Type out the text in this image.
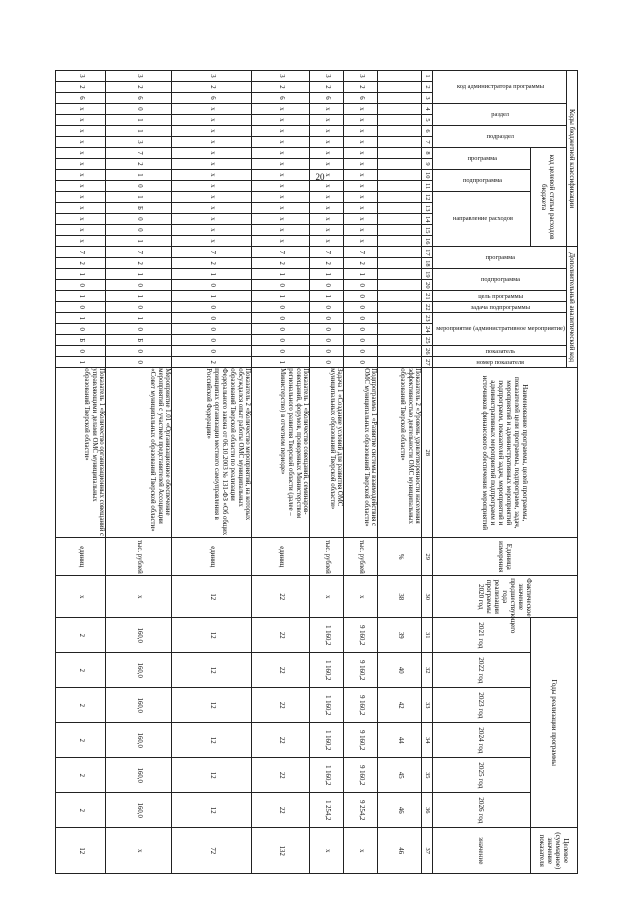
20	Коды бюджетной классификации																Дополнительный аналитический код											Наименование программы, целей программы, показателей цели программы, подпрограмм, задач, мероприятий и административных мероприятий подпрограмм, показателей задач, мероприятий и административных мероприятий подпрограмм и источников финансового обеспечения мероприятий	Единица измерения	Фактическое значение предшествующего года реализации программы 2020 год	Годы реализации программы						Целевое (суммарное) значение показателя
код администратора программы			раздел		подраздел		код целевой статьи расходов бюджета									программа		подпрограмма		цель программы	задача подпрограммы	мероприятие (административное мероприятие)			показатель	номер показателя										
							программа		подпрограмма		направление расходов																			2021 год	2022 год	2023 год	2024 год	2025 год	2026 год	значение
1	2	3	4	5	6	7	8	9	10	11	12	13	14	15	16	17	18	19	20	21	22	23	24	25	26	27	28	29	30	31	32	33	34	35	36	37
																											Показатель 2 «Уровень удовлетворенности населения эффективностью деятельности ОМС муниципальных образований Тверской области»	%	38	39	40	42	44	45	46	46
3	2	6	x	x	x	x	x	x	x	x	x	x	x	x	x	7	2	1	0	0	0	0	0	0	0	0	Подпрограмма 1 «Развитие системы взаимодействия с ОМС муниципальных образований Тверской области»	тыс. рублей	x	9 160,2	9 160,2	9 160,2	9 160,2	9 160,2	9 254,2	x
3	2	6	x	x	x	x	x	x	x	x	x	x	x	x	x	7	2	1	0	1	0	0	0	0	0	0	Задача 1 «Создание условий для развития ОМС муниципальных образований Тверской области»	тыс. рублей	x	1 160,2	1 160,2	1 160,2	1 160,2	1 160,2	1 254,2	x
3	2	6	x	x	x	x	x	x	x	x	x	x	x	x	x	7	2	1	0	1	0	0	0	0	0	1	Показатель 1 «Количество совещаний, семинаров-совещаний, форумов, проведенных Министерством регионального развития Тверской области (далее – Министерство) в отчетном периоде»	единиц	22	22	22	22	22	22	22	132
3	2	6	x	x	x	x	x	x	x	x	x	x	x	x	x	7	2	1	0	1	0	0	0	0	0	2	Показатель 2 «Количество мероприятий, на которых обсуждался опыт работы ОМС муниципальных образований Тверской области по реализации Федерального закона от 06.10.2003 № 131-ФЗ «Об общих принципах организации местного самоуправления в Российской Федерации»	единиц	12	12	12	12	12	12	12	72
3	2	6	0	1	1	3	7	2	1	0	1	Б	0	0	1	7	2	1	0	1	0	1	0	Б	0	0	Мероприятие 1.01 «Организационное обеспечение мероприятий с участием представителей Ассоциации «Совет муниципальных образований Тверской области»	тыс. рублей	x	160,0	160,0	160,0	160,0	160,0	160,0	x
3	2	6	x	x	x	x	x	x	x	x	x	x	x	x	x	7	2	1	0	1	0	1	0	Б	0	1	Показатель 1 «Количество организационных совещаний с управляющими делами ОМС муниципальных образований Тверской области»	единиц	x	2	2	2	2	2	2	12
